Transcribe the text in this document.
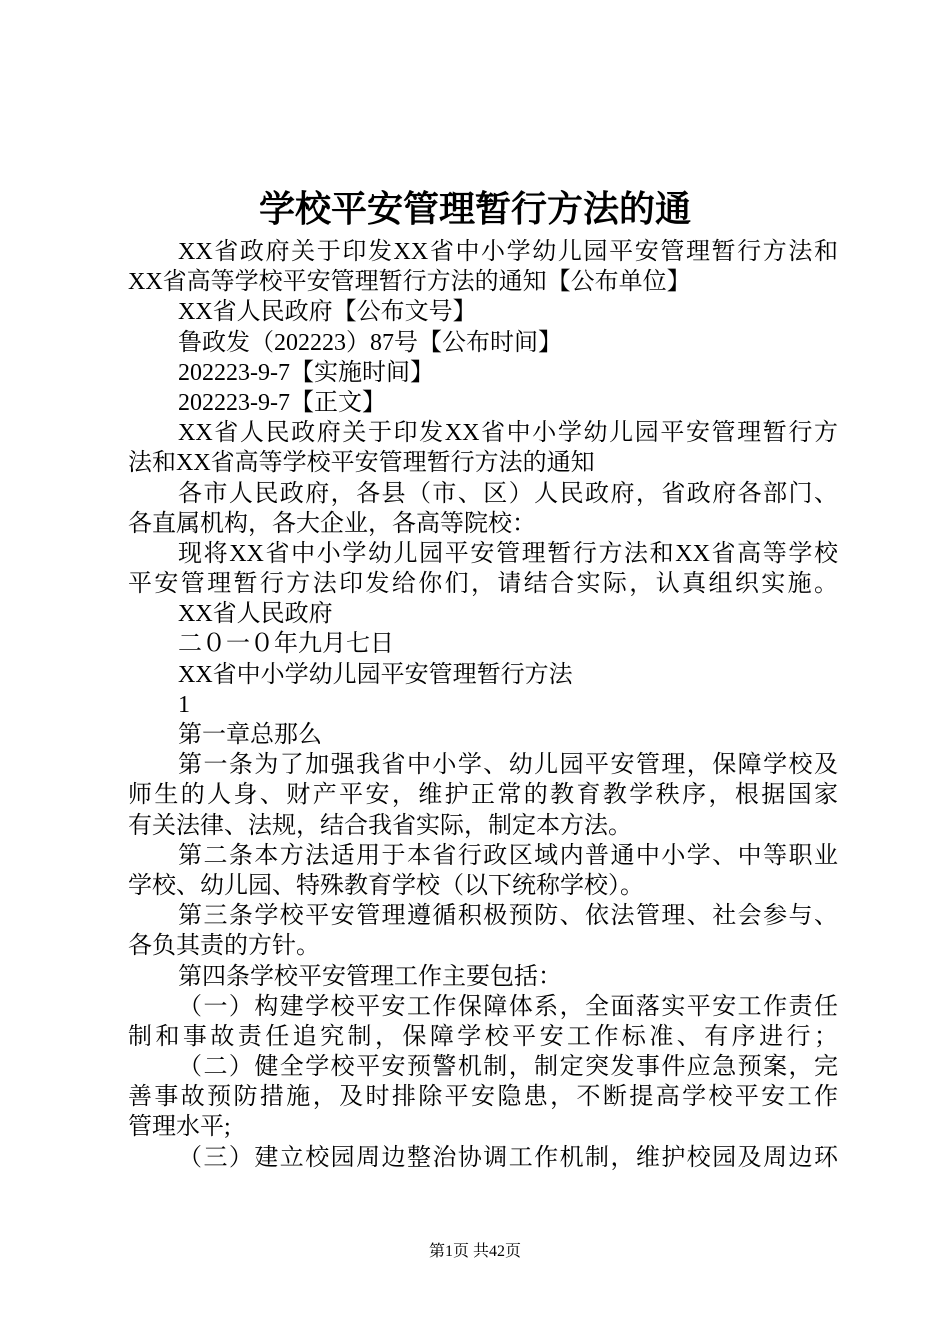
学校平安管理暂行方法的通
XX省政府关于印发XX省中小学幼儿园平安管理暂行方法和
XX省高等学校平安管理暂行方法的通知【公布单位】
XX省人民政府【公布文号】
鲁政发（202223）87号【公布时间】
202223-9-7【实施时间】
202223-9-7【正文】
XX省人民政府关于印发XX省中小学幼儿园平安管理暂行方
法和XX省高等学校平安管理暂行方法的通知
各市人民政府，各县（市、区）人民政府，省政府各部门、
各直属机构，各大企业，各高等院校：
现将XX省中小学幼儿园平安管理暂行方法和XX省高等学校
平安管理暂行方法印发给你们，请结合实际，认真组织实施。
XX省人民政府
二０一０年九月七日
XX省中小学幼儿园平安管理暂行方法
1
第一章总那么
第一条为了加强我省中小学、幼儿园平安管理，保障学校及
师生的人身、财产平安，维护正常的教育教学秩序，根据国家
有关法律、法规，结合我省实际，制定本方法。
第二条本方法适用于本省行政区域内普通中小学、中等职业
学校、幼儿园、特殊教育学校（以下统称学校）。
第三条学校平安管理遵循积极预防、依法管理、社会参与、
各负其责的方针。
第四条学校平安管理工作主要包括：
（一）构建学校平安工作保障体系，全面落实平安工作责任
制和事故责任追究制，保障学校平安工作标准、有序进行；
（二）健全学校平安预警机制，制定突发事件应急预案，完
善事故预防措施，及时排除平安隐患，不断提高学校平安工作
管理水平;
（三）建立校园周边整治协调工作机制，维护校园及周边环
第1页 共42页
